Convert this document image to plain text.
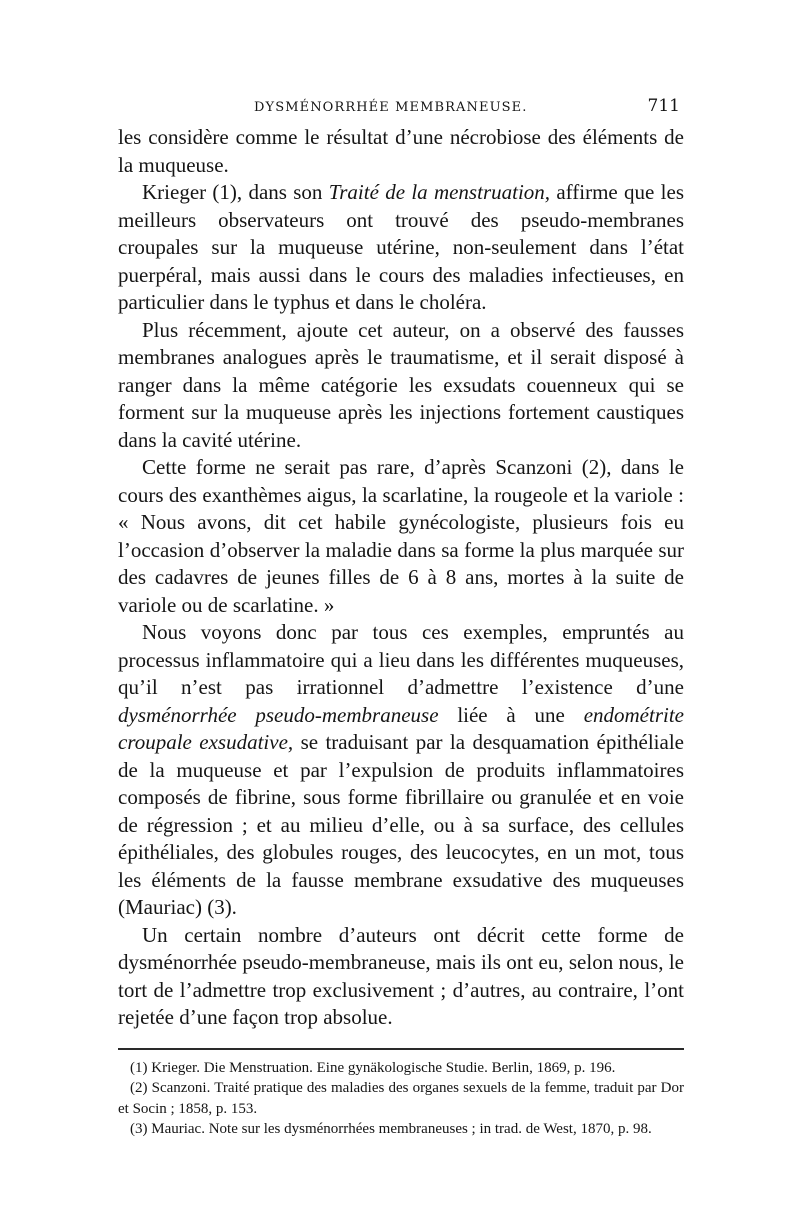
DYSMÉNORRHÉE MEMBRANEUSE.	711

les considère comme le résultat d’une nécrobiose des éléments de la muqueuse.

Krieger (1), dans son Traité de la menstruation, affirme que les meilleurs observateurs ont trouvé des pseudo-membranes croupales sur la muqueuse utérine, non-seulement dans l’état puerpéral, mais aussi dans le cours des maladies infectieuses, en particulier dans le typhus et dans le choléra.

Plus récemment, ajoute cet auteur, on a observé des fausses membranes analogues après le traumatisme, et il serait disposé à ranger dans la même catégorie les exsudats couenneux qui se forment sur la muqueuse après les injections fortement caustiques dans la cavité utérine.

Cette forme ne serait pas rare, d’après Scanzoni (2), dans le cours des exanthèmes aigus, la scarlatine, la rougeole et la variole : « Nous avons, dit cet habile gynécologiste, plusieurs fois eu l’occasion d’observer la maladie dans sa forme la plus marquée sur des cadavres de jeunes filles de 6 à 8 ans, mortes à la suite de variole ou de scarlatine. »

Nous voyons donc par tous ces exemples, empruntés au processus inflammatoire qui a lieu dans les différentes muqueuses, qu’il n’est pas irrationnel d’admettre l’existence d’une dysménorrhée pseudo-membraneuse liée à une endométrite croupale exsudative, se traduisant par la desquamation épithéliale de la muqueuse et par l’expulsion de produits inflammatoires composés de fibrine, sous forme fibrillaire ou granulée et en voie de régression ; et au milieu d’elle, ou à sa surface, des cellules épithéliales, des globules rouges, des leucocytes, en un mot, tous les éléments de la fausse membrane exsudative des muqueuses (Mauriac) (3).

Un certain nombre d’auteurs ont décrit cette forme de dysménorrhée pseudo-membraneuse, mais ils ont eu, selon nous, le tort de l’admettre trop exclusivement ; d’autres, au contraire, l’ont rejetée d’une façon trop absolue.

(1) Krieger. Die Menstruation. Eine gynäkologische Studie. Berlin, 1869, p. 196.

(2) Scanzoni. Traité pratique des maladies des organes sexuels de la femme, traduit par Dor et Socin ; 1858, p. 153.

(3) Mauriac. Note sur les dysménorrhées membraneuses ; in trad. de West, 1870, p. 98.
